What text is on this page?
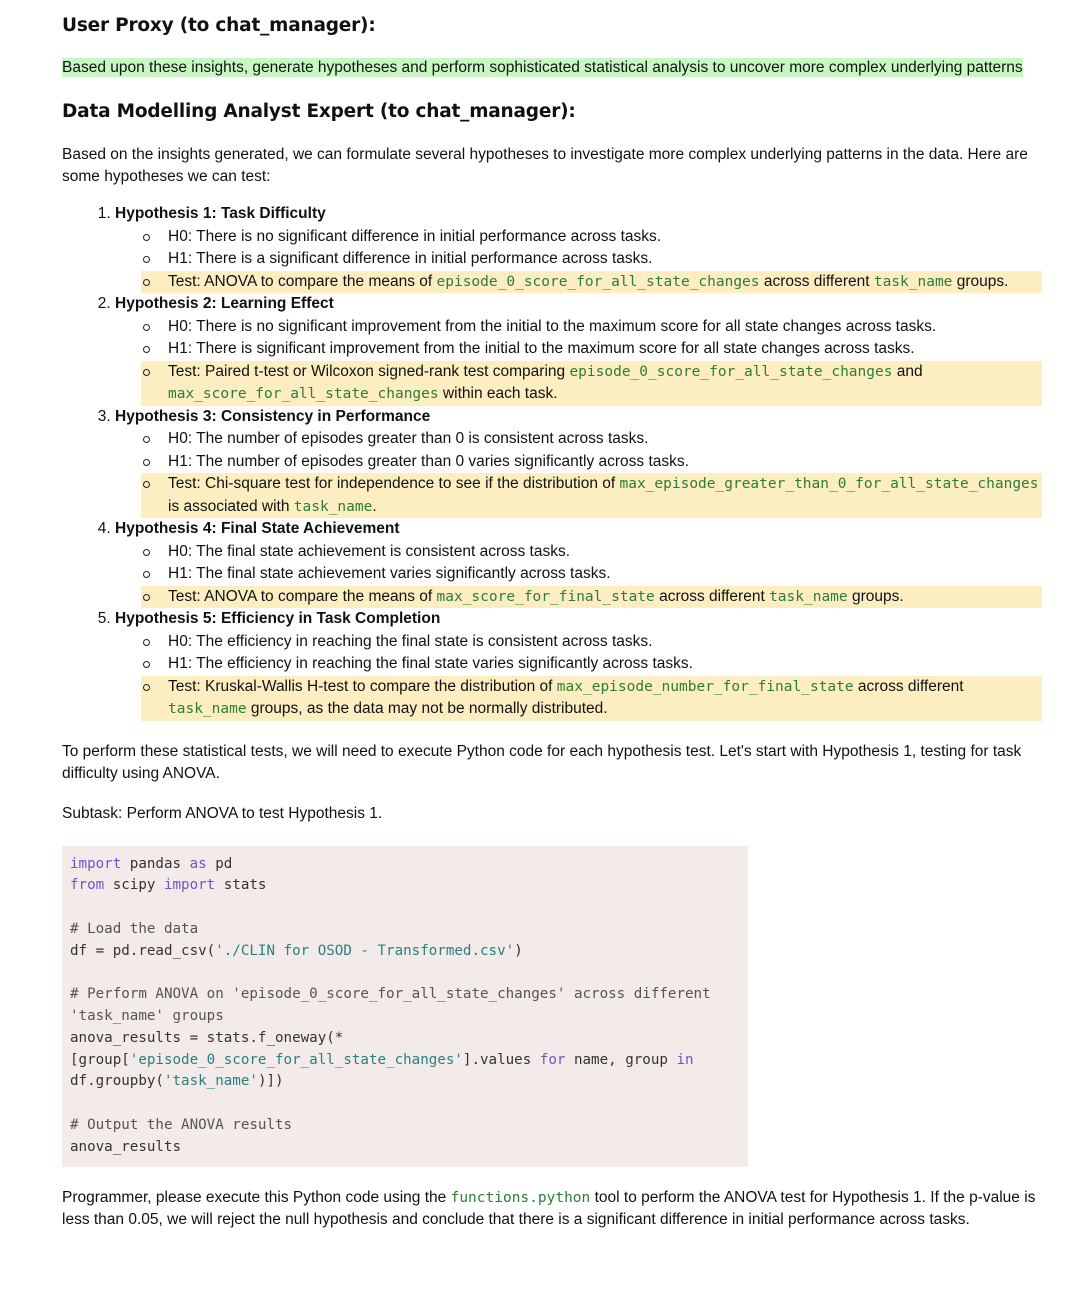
User Proxy (to chat_manager):
Based upon these insights, generate hypotheses and perform sophisticated statistical analysis to uncover more complex underlying patterns
Data Modelling Analyst Expert (to chat_manager):

Based on the insights generated, we can formulate several hypotheses to investigate more complex underlying patterns in the data. Here are some hypotheses we can test:

1. Hypothesis 1: Task Difficulty
H0: There is no significant difference in initial performance across tasks.
H1: There is a significant difference in initial performance across tasks.
Test: ANOVA to compare the means of episode_0_score_for_all_state_changes across different task_name groups.
2. Hypothesis 2: Learning Effect
H0: There is no significant improvement from the initial to the maximum score for all state changes across tasks.
H1: There is significant improvement from the initial to the maximum score for all state changes across tasks.
Test: Paired t-test or Wilcoxon signed-rank test comparing episode_0_score_for_all_state_changes and max_score_for_all_state_changes within each task.
3. Hypothesis 3: Consistency in Performance
H0: The number of episodes greater than 0 is consistent across tasks.
H1: The number of episodes greater than 0 varies significantly across tasks.
Test: Chi-square test for independence to see if the distribution of max_episode_greater_than_0_for_all_state_changes is associated with task_name.
4. Hypothesis 4: Final State Achievement
H0: The final state achievement is consistent across tasks.
H1: The final state achievement varies significantly across tasks.
Test: ANOVA to compare the means of max_score_for_final_state across different task_name groups.
5. Hypothesis 5: Efficiency in Task Completion
H0: The efficiency in reaching the final state is consistent across tasks.
H1: The efficiency in reaching the final state varies significantly across tasks.
Test: Kruskal-Wallis H-test to compare the distribution of max_episode_number_for_final_state across different task_name groups, as the data may not be normally distributed.

To perform these statistical tests, we will need to execute Python code for each hypothesis test. Let's start with Hypothesis 1, testing for task difficulty using ANOVA.

Subtask: Perform ANOVA to test Hypothesis 1.

import pandas as pd
from scipy import stats

# Load the data
df = pd.read_csv('./CLIN for OSOD - Transformed.csv')

# Perform ANOVA on 'episode_0_score_for_all_state_changes' across different 'task_name' groups
anova_results = stats.f_oneway(*[group['episode_0_score_for_all_state_changes'].values for name, group in df.groupby('task_name')])

# Output the ANOVA results
anova_results

Programmer, please execute this Python code using the functions.python tool to perform the ANOVA test for Hypothesis 1. If the p-value is less than 0.05, we will reject the null hypothesis and conclude that there is a significant difference in initial performance across tasks.
